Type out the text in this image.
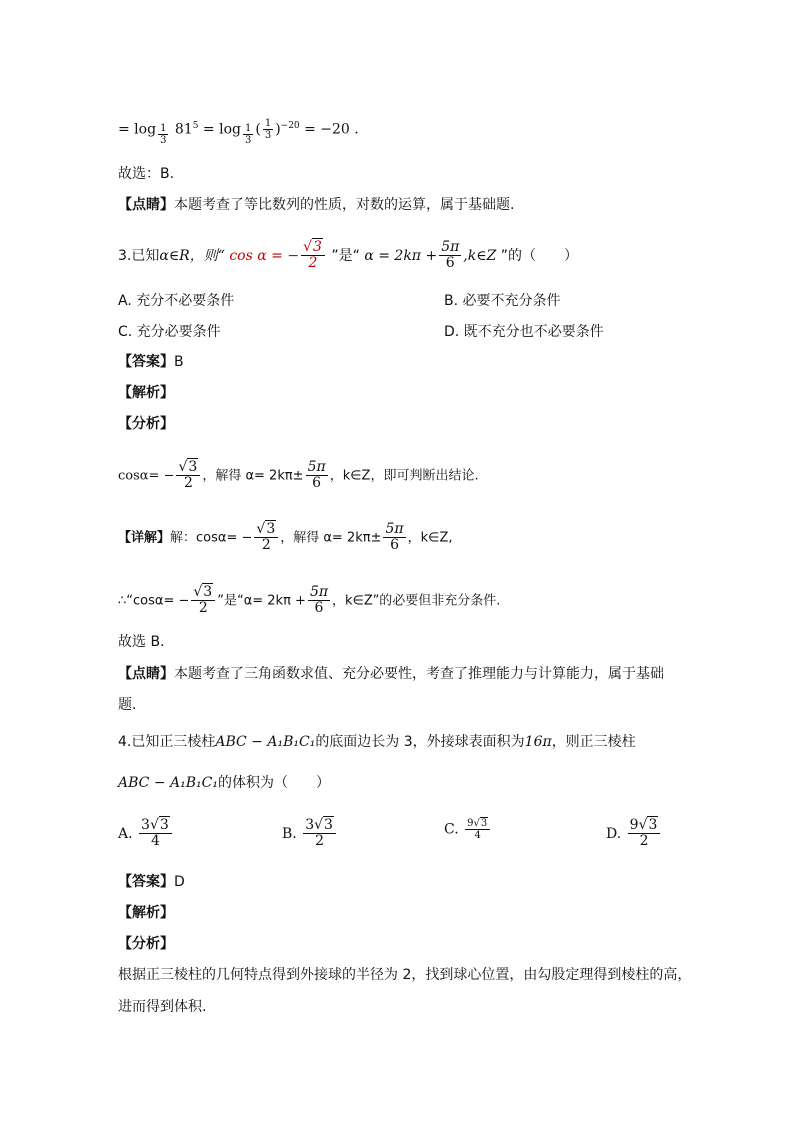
= log $_{\frac{1}{3}}$ $81^5 = \log _{\frac{1}{3}}$ ( $\frac{1}{3} )^{-20} = -20$ .
故选：B.
【点睛】本题考查了等比数列的性质，对数的运算，属于基础题.
3.已知α∈R，则“ cos α = − $\frac{√3}{2}$ ”是“ $\alpha = 2k\pi + \frac{5\pi}{6}$ ,k∈Z ”的（　　）
A. 充分不必要条件	B. 必要不充分条件
C. 充分必要条件	D. 既不充分也不必要条件
【答案】B
【解析】
【分析】
$\cos\alpha= - \frac{√3}{2}$ ，解得 $\alpha= 2k\pi\pm \frac{5\pi}{6}$ ，k∈Z，即可判断出结论.
【详解】解：$\cos\alpha= - \frac{√3}{2}$ ，解得 $\alpha= 2k\pi\pm \frac{5\pi}{6}$ ，k∈Z,
∴“cosα= − $\frac{√3}{2}$ ”是“$\alpha= 2k\pi + \frac{5\pi}{6}$ ，k∈Z”的必要但非充分条件.
故选 B.
【点睛】本题考查了三角函数求值、充分必要性，考查了推理能力与计算能力，属于基础
题.
4.已知正三棱柱ABC − A₁B₁C₁的底面边长为 3，外接球表面积为16π，则正三棱柱
ABC − A₁B₁C₁的体积为（　　）
A. $\frac{3√3}{4}$	B. $\frac{3√3}{2}$	C. $\frac{9√3}{4}$	D. $\frac{9√3}{2}$
【答案】D
【解析】
【分析】
根据正三棱柱的几何特点得到外接球的半径为 2，找到球心位置，由勾股定理得到棱柱的高，
进而得到体积.
